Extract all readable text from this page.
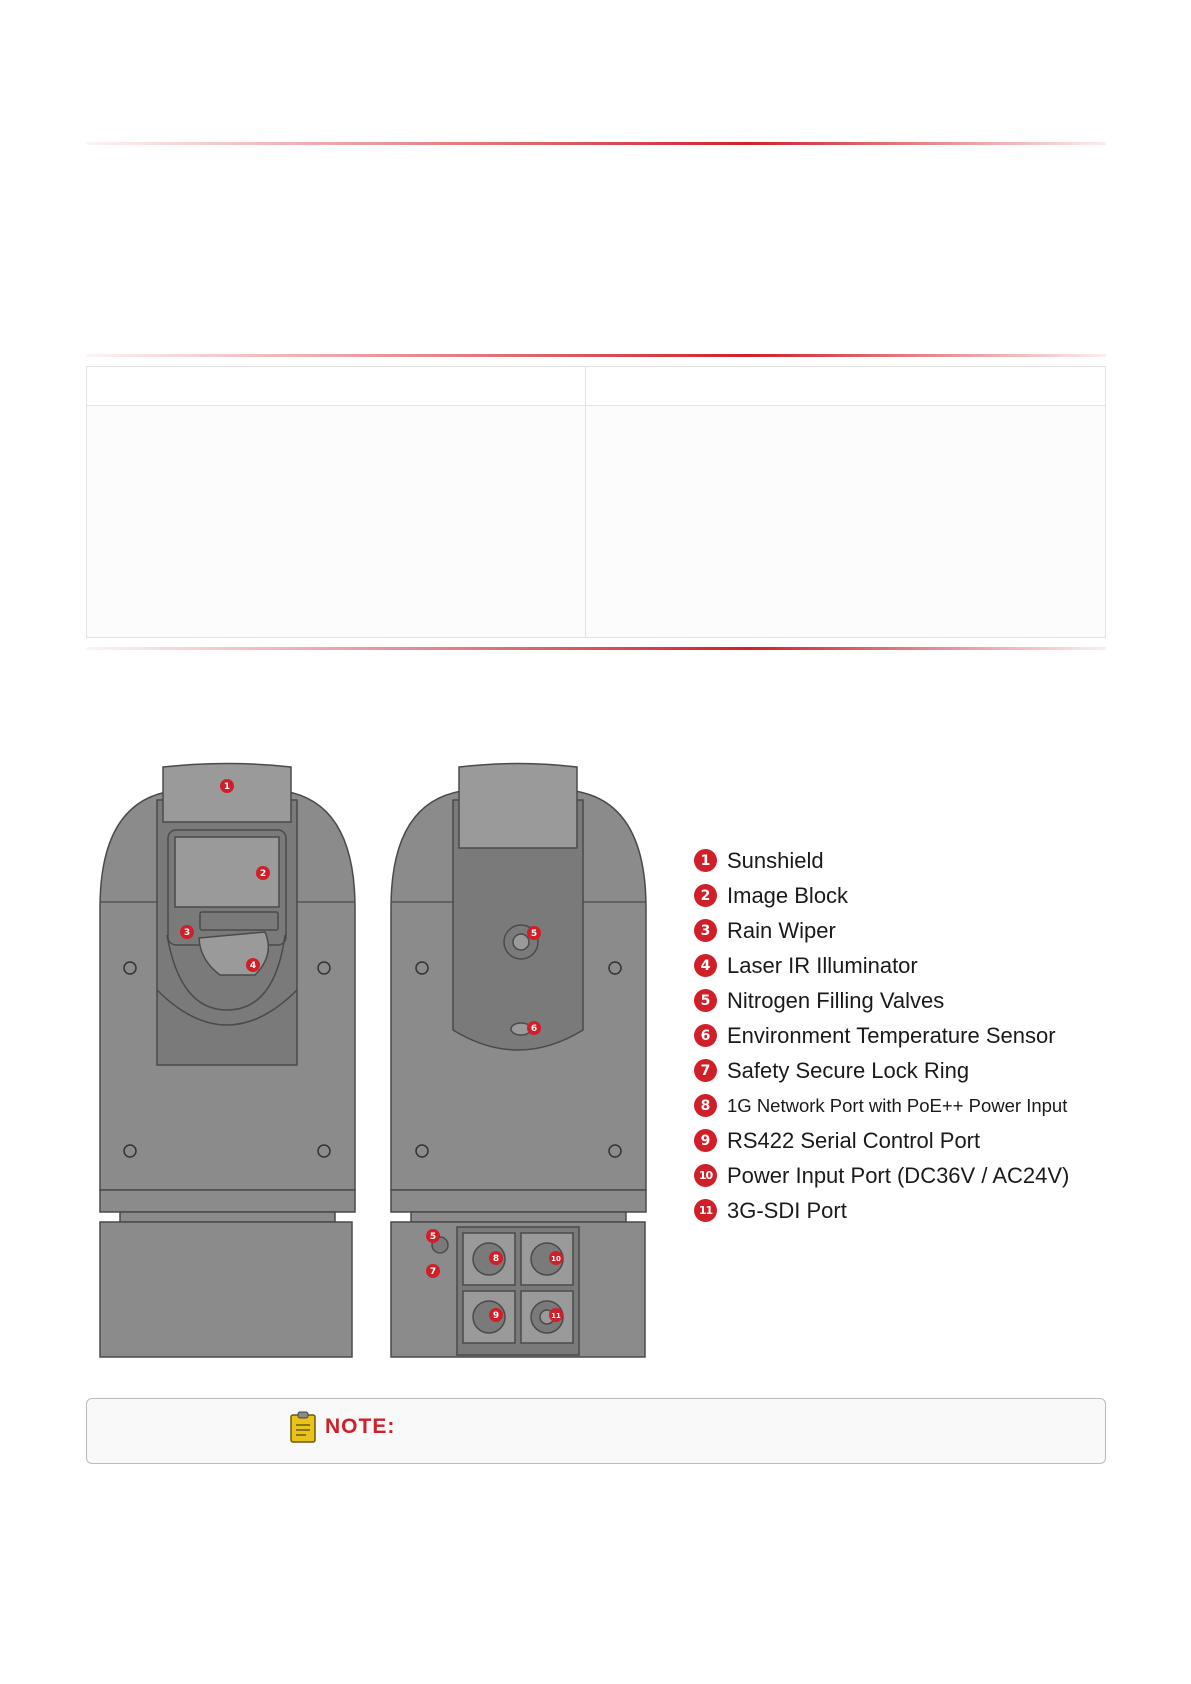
1
2
3
4
5
6
5
7
8	10
9	11
1 Sunshield
2 Image Block
3 Rain Wiper
4 Laser IR Illuminator
5 Nitrogen Filling Valves
6 Environment Temperature Sensor
7 Safety Secure Lock Ring
8 1G Network Port with PoE++ Power Input
9 RS422 Serial Control Port
10 Power Input Port (DC36V / AC24V)
11 3G-SDI Port
NOTE:
